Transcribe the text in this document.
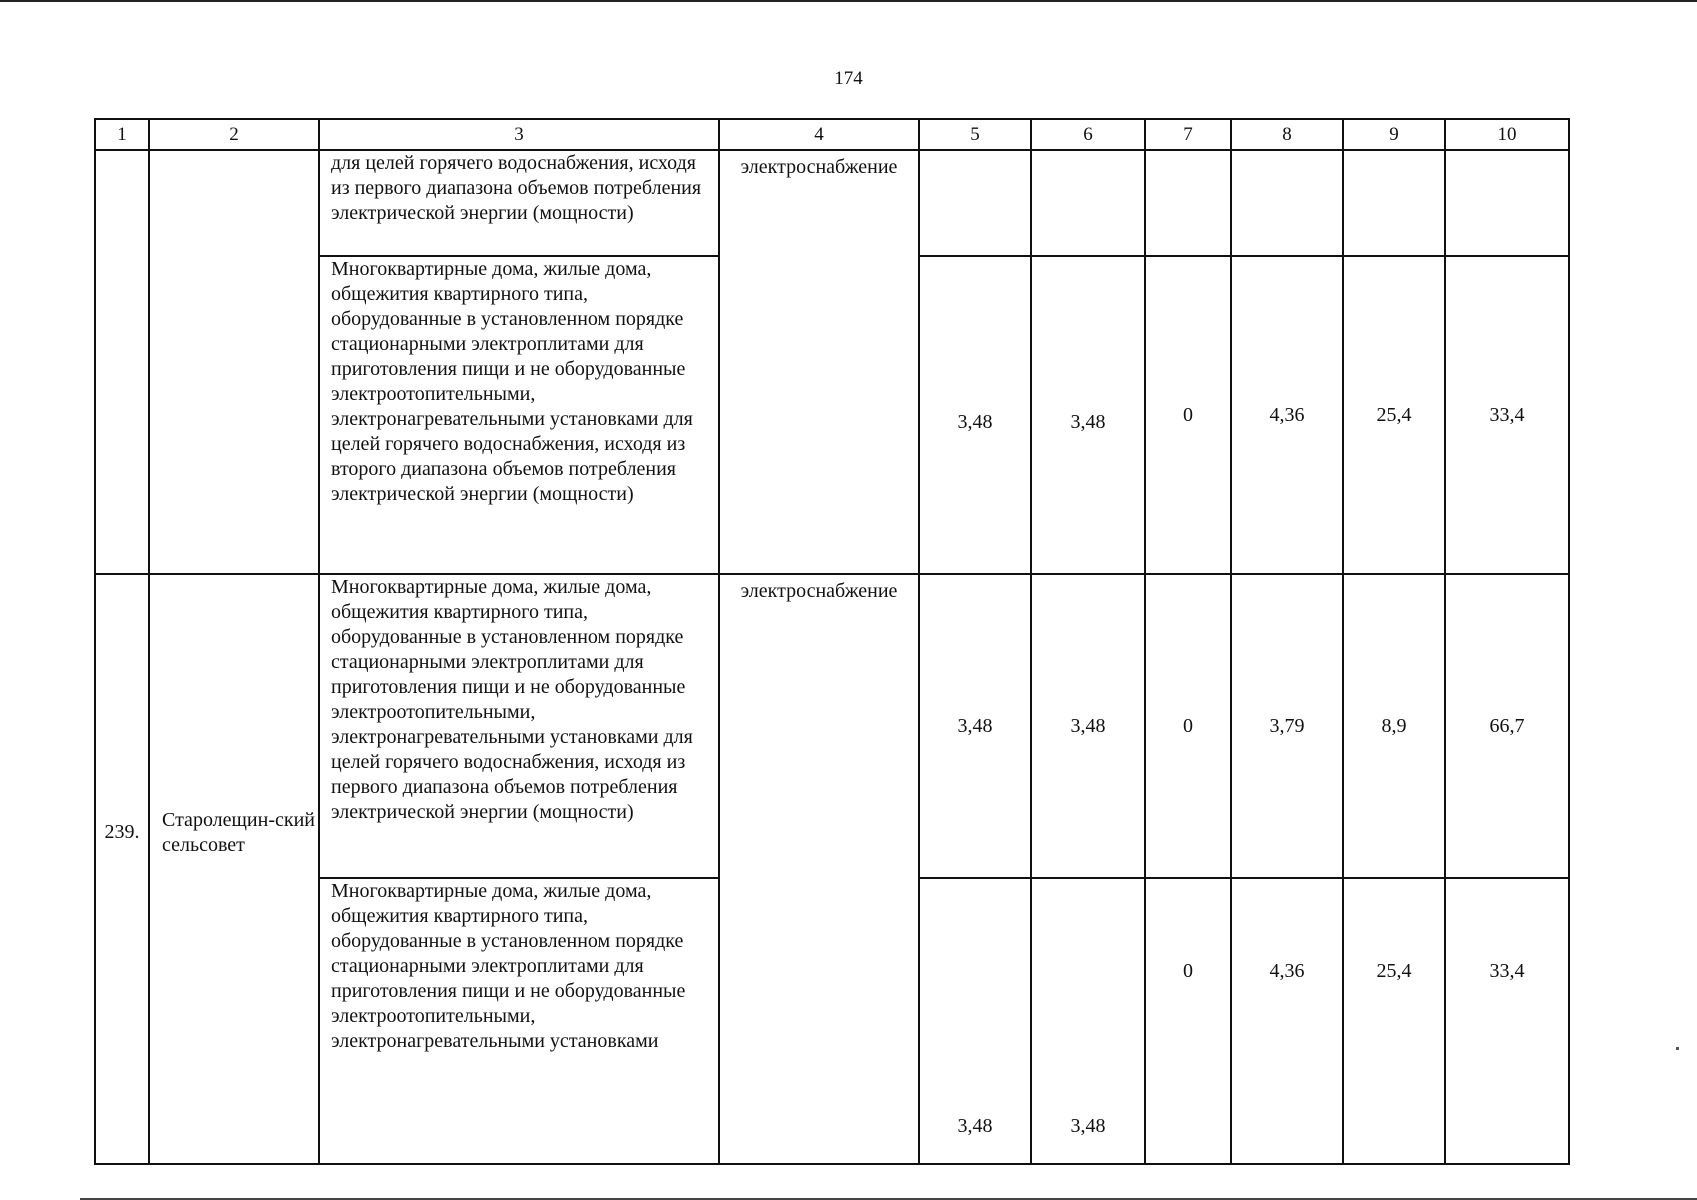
174
1	2	3	4	5	6	7	8	9	10
		для целей горячего водоснабжения, исходя из первого диапазона объемов потребления электрической энергии (мощности)	электроснабжение						
		Многоквартирные дома, жилые дома, общежития квартирного типа, оборудованные в установленном порядке стационарными электроплитами для приготовления пищи и не оборудованные электроотопительными, электронагревательными установками для целей горячего водоснабжения, исходя из второго диапазона объемов потребления электрической энергии (мощности)		3,48	3,48	0	4,36	25,4	33,4
239.	Старолещин-ский сельсовет	Многоквартирные дома, жилые дома, общежития квартирного типа, оборудованные в установленном порядке стационарными электроплитами для приготовления пищи и не оборудованные электроотопительными, электронагревательными установками для целей горячего водоснабжения, исходя из первого диапазона объемов потребления электрической энергии (мощности)	электроснабжение	3,48	3,48	0	3,79	8,9	66,7
		Многоквартирные дома, жилые дома, общежития квартирного типа, оборудованные в установленном порядке стационарными электроплитами для приготовления пищи и не оборудованные электроотопительными, электронагревательными установками		3,48	3,48	0	4,36	25,4	33,4
